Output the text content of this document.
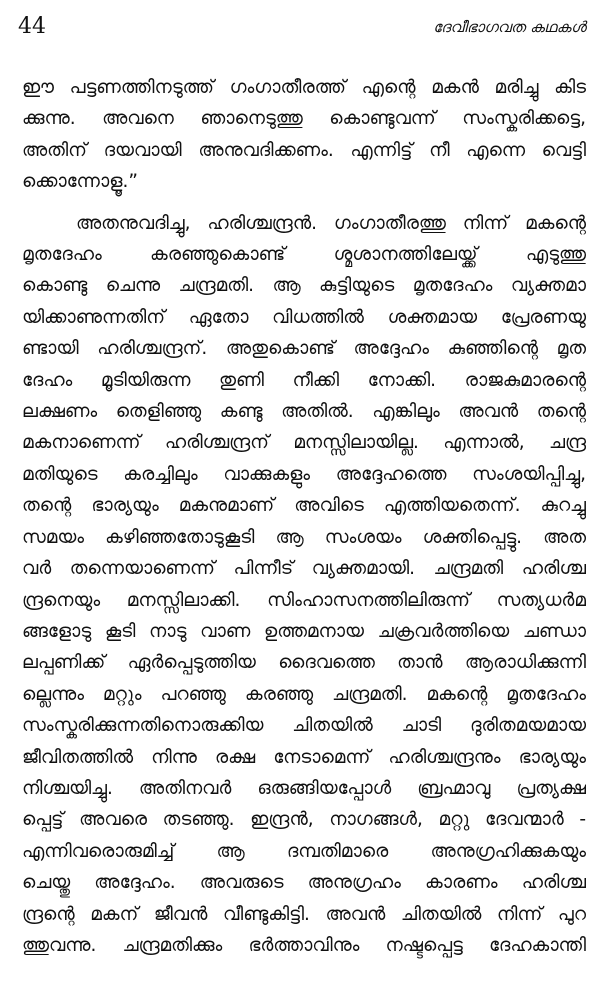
44	ദേവീഭാഗവത കഥകൾ
ഈ പട്ടണത്തിനടുത്ത് ഗംഗാതീരത്ത് എന്റെ മകൻ മരിച്ചു കിട
ക്കുന്നു. അവനെ ഞാനെടുത്തു കൊണ്ടുവന്ന് സംസ്കരിക്കട്ടെ,
അതിന് ദയവായി അനുവദിക്കണം. എന്നിട്ട് നീ എന്നെ വെട്ടി
ക്കൊന്നോളൂ.”
അതനുവദിച്ചു, ഹരിശ്ചന്ദ്രൻ. ഗംഗാതീരത്തു നിന്ന് മകന്റെ
മൃതദേഹം കരഞ്ഞുകൊണ്ട് ശ്മശാനത്തിലേയ്ക്ക് എടുത്തു
കൊണ്ടു ചെന്നു ചന്ദ്രമതി. ആ കുട്ടിയുടെ മൃതദേഹം വ്യക്തമാ
യിക്കാണുന്നതിന് ഏതോ വിധത്തിൽ ശക്തമായ പ്രേരണയു
ണ്ടായി ഹരിശ്ചന്ദ്രന്. അതുകൊണ്ട് അദ്ദേഹം കുഞ്ഞിന്റെ മൃത
ദേഹം മൂടിയിരുന്ന തുണി നീക്കി നോക്കി. രാജകുമാരന്റെ
ലക്ഷണം തെളിഞ്ഞു കണ്ടു അതിൽ. എങ്കിലും അവൻ തന്റെ
മകനാണെന്ന് ഹരിശ്ചന്ദ്രന് മനസ്സിലായില്ല. എന്നാൽ, ചന്ദ്ര
മതിയുടെ കരച്ചിലും വാക്കുകളും അദ്ദേഹത്തെ സംശയിപ്പിച്ചു,
തന്റെ ഭാര്യയും മകനുമാണ് അവിടെ എത്തിയതെന്ന്. കുറച്ചു
സമയം കഴിഞ്ഞതോടുകൂടി ആ സംശയം ശക്തിപ്പെട്ടു. അത
വർ തന്നെയാണെന്ന് പിന്നീട് വ്യക്തമായി. ചന്ദ്രമതി ഹരിശ്ച
ന്ദ്രനെയും മനസ്സിലാക്കി. സിംഹാസനത്തിലിരുന്ന് സത്യധർമ
ങ്ങളോടു കൂടി നാടു വാണ ഉത്തമനായ ചക്രവർത്തിയെ ചണ്ഡാ
ലപ്പണിക്ക് ഏർപ്പെടുത്തിയ ദൈവത്തെ താൻ ആരാധിക്കുന്നി
ല്ലെന്നും മറ്റും പറഞ്ഞു കരഞ്ഞു ചന്ദ്രമതി. മകന്റെ മൃതദേഹം
സംസ്കരിക്കുന്നതിനൊരുക്കിയ ചിതയിൽ ചാടി ദുരിതമയമായ
ജീവിതത്തിൽ നിന്നു രക്ഷ നേടാമെന്ന് ഹരിശ്ചന്ദ്രനും ഭാര്യയും
നിശ്ചയിച്ചു. അതിനവർ ഒരുങ്ങിയപ്പോൾ ബ്രഹ്മാവു പ്രത്യക്ഷ
പ്പെട്ട് അവരെ തടഞ്ഞു. ഇന്ദ്രൻ, നാഗങ്ങൾ, മറ്റു ദേവന്മാർ -
എന്നിവരൊരുമിച്ച് ആ ദമ്പതിമാരെ അനുഗ്രഹിക്കുകയും
ചെയ്തു അദ്ദേഹം. അവരുടെ അനുഗ്രഹം കാരണം ഹരിശ്ച
ന്ദ്രന്റെ മകന് ജീവൻ വീണ്ടുകിട്ടി. അവൻ ചിതയിൽ നിന്ന് പുറ
ത്തുവന്നു. ചന്ദ്രമതിക്കും ഭർത്താവിനും നഷ്ടപ്പെട്ട ദേഹകാന്തി
